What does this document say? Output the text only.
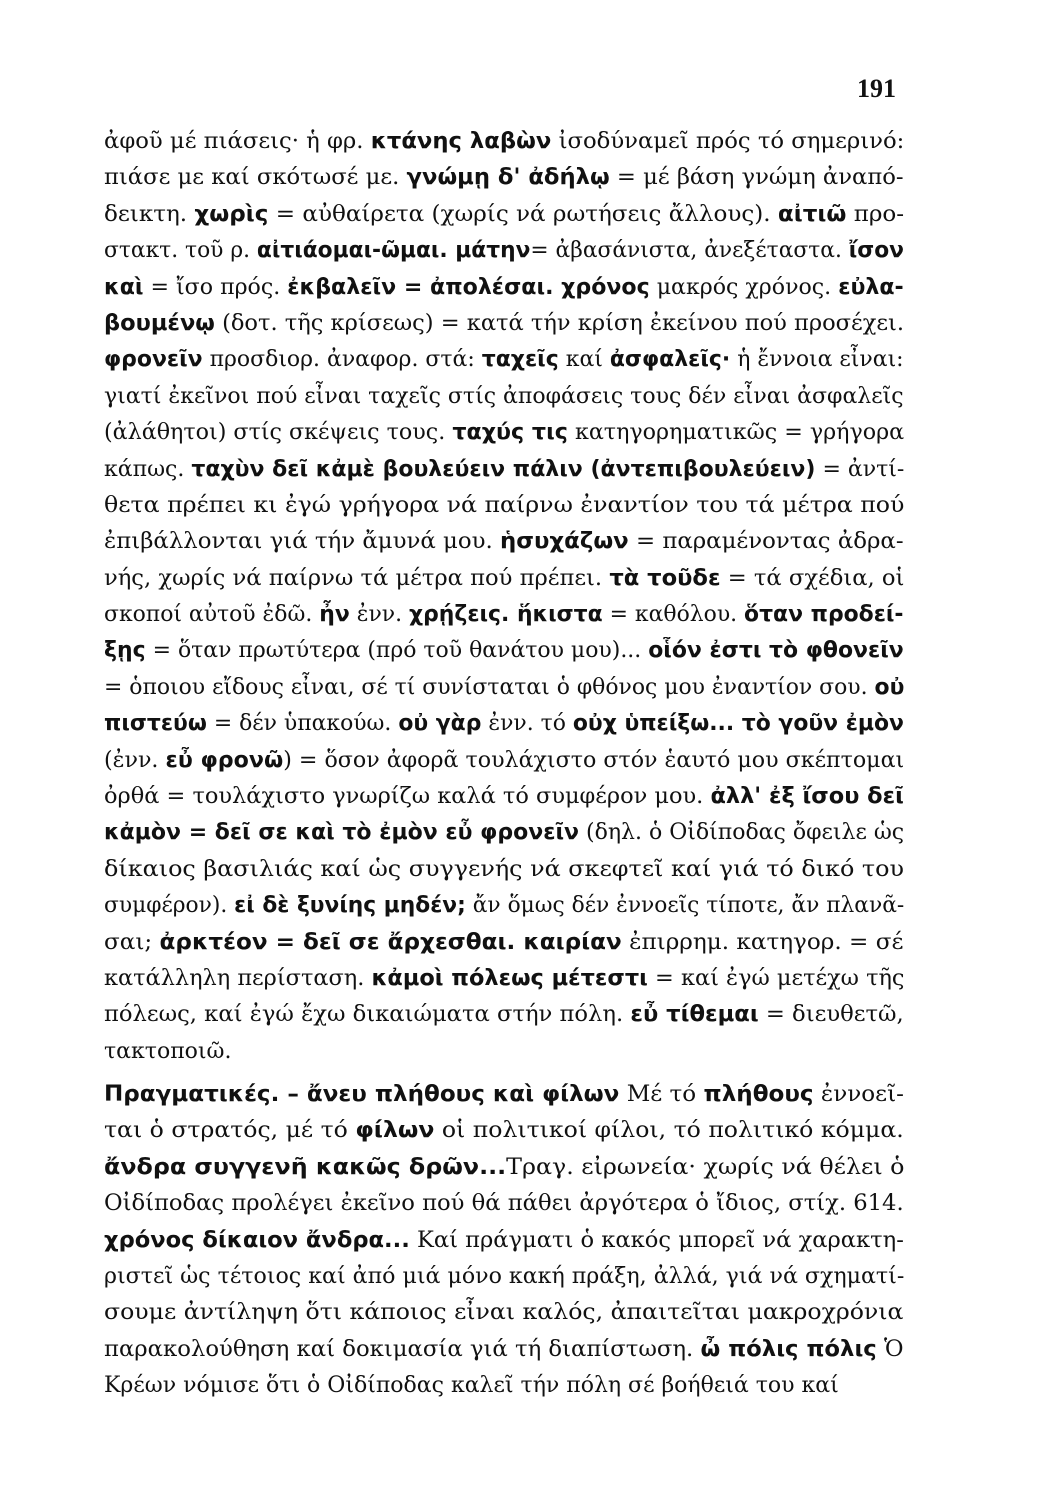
191
ἀφοῦ μέ πιάσεις· ἡ φρ. κτάνης λαβὼν ἰσοδύναμεῖ πρός τό σημερινό:
πιάσε με καί σκότωσέ με. γνώμῃ δ' ἀδήλῳ = μέ βάση γνώμη ἀναπό-
δεικτη. χωρὶς = αὐθαίρετα (χωρίς νά ρωτήσεις ἄλλους). αἰτιῶ προ-
στακτ. τοῦ ρ. αἰτιάομαι-ῶμαι. μάτην= ἀβασάνιστα, ἀνεξέταστα. ἴσον
καὶ = ἴσο πρός. ἐκβαλεῖν = ἀπολέσαι. χρόνος μακρός χρόνος. εὐλα-
βουμένῳ (δοτ. τῆς κρίσεως) = κατά τήν κρίση ἐκείνου πού προσέχει.
φρονεῖν προσδιορ. ἀναφορ. στά: ταχεῖς καί ἀσφαλεῖς· ἡ ἔννοια εἶναι:
γιατί ἐκεῖνοι πού εἶναι ταχεῖς στίς ἀποφάσεις τους δέν εἶναι ἀσφαλεῖς
(ἀλάθητοι) στίς σκέψεις τους. ταχύς τις κατηγορηματικῶς = γρήγορα
κάπως. ταχὺν δεῖ κἀμὲ βουλεύειν πάλιν (ἀντεπιβουλεύειν) = ἀντί-
θετα πρέπει κι ἐγώ γρήγορα νά παίρνω ἐναντίον του τά μέτρα πού
ἐπιβάλλονται γιά τήν ἄμυνά μου. ἡσυχάζων = παραμένοντας ἀδρα-
νής, χωρίς νά παίρνω τά μέτρα πού πρέπει. τὰ τοῦδε = τά σχέδια, οἱ
σκοποί αὐτοῦ ἐδῶ. ἦν ἐνν. χρῄζεις. ἥκιστα = καθόλου. ὅταν προδεί-
ξῃς = ὅταν πρωτύτερα (πρό τοῦ θανάτου μου)... οἷόν ἐστι τὸ φθονεῖν
= ὁποιου εἴδους εἶναι, σέ τί συνίσταται ὁ φθόνος μου ἐναντίον σου. οὐ
πιστεύω = δέν ὑπακούω. οὐ γὰρ ἐνν. τό οὐχ ὑπείξω... τὸ γοῦν ἐμὸν
(ἐνν. εὖ φρονῶ) = ὅσον ἀφορᾶ τουλάχιστο στόν ἑαυτό μου σκέπτομαι
ὀρθά = τουλάχιστο γνωρίζω καλά τό συμφέρον μου. ἀλλ' ἐξ ἴσου δεῖ
κἀμὸν = δεῖ σε καὶ τὸ ἐμὸν εὖ φρονεῖν (δηλ. ὁ Οἰδίποδας ὄφειλε ὡς
δίκαιος βασιλιάς καί ὡς συγγενής νά σκεφτεῖ καί γιά τό δικό του
συμφέρον). εἰ δὲ ξυνίης μηδέν; ἄν ὅμως δέν ἐννοεῖς τίποτε, ἄν πλανᾶ-
σαι; ἀρκτέον = δεῖ σε ἄρχεσθαι. καιρίαν ἐπιρρημ. κατηγορ. = σέ
κατάλληλη περίσταση. κἀμοὶ πόλεως μέτεστι = καί ἐγώ μετέχω τῆς
πόλεως, καί ἐγώ ἔχω δικαιώματα στήν πόλη. εὖ τίθεμαι = διευθετῶ,
τακτοποιῶ.
Πραγματικές. – ἄνευ πλήθους καὶ φίλων Μέ τό πλήθους ἐννοεῖ-
ται ὁ στρατός, μέ τό φίλων οἱ πολιτικοί φίλοι, τό πολιτικό κόμμα.
ἄνδρα συγγενῆ κακῶς δρῶν...Τραγ. εἰρωνεία· χωρίς νά θέλει ὁ
Οἰδίποδας προλέγει ἐκεῖνο πού θά πάθει ἀργότερα ὁ ἴδιος, στίχ. 614.
χρόνος δίκαιον ἄνδρα... Καί πράγματι ὁ κακός μπορεῖ νά χαρακτη-
ριστεῖ ὡς τέτοιος καί ἀπό μιά μόνο κακή πράξη, ἀλλά, γιά νά σχηματί-
σουμε ἀντίληψη ὅτι κάποιος εἶναι καλός, ἀπαιτεῖται μακροχρόνια
παρακολούθηση καί δοκιμασία γιά τή διαπίστωση. ὦ πόλις πόλις Ὁ
Κρέων νόμισε ὅτι ὁ Οἰδίποδας καλεῖ τήν πόλη σέ βοήθειά του καί
